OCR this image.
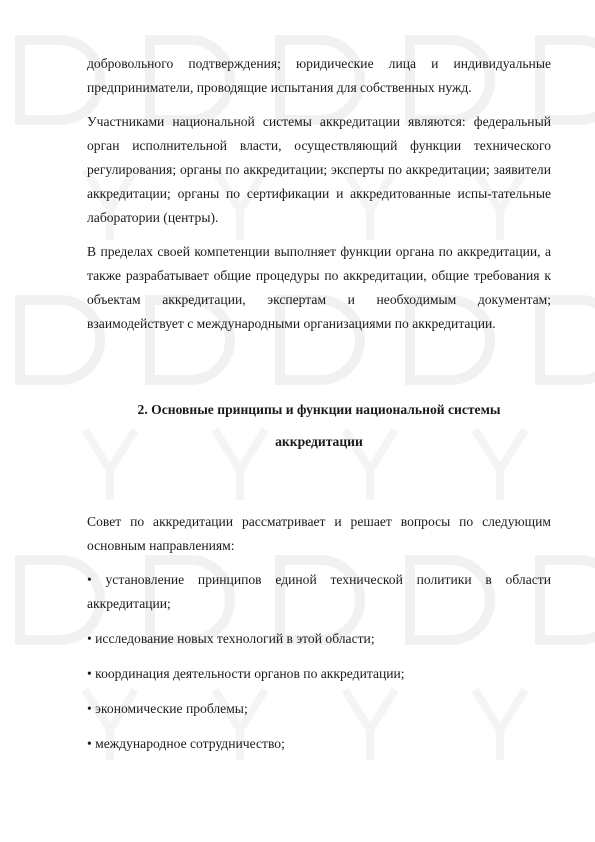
добровольного подтверждения; юридические лица и индивидуальные предприниматели, проводящие испытания для собственных нужд.

Участниками национальной системы аккредитации являются: федеральный орган исполнительной власти, осуществляющий функции технического регулирования; органы по аккредитации; эксперты по аккредитации; заявители аккредитации; органы по сертификации и аккредитованные испы-тательные лаборатории (центры).

В пределах своей компетенции выполняет функции органа по аккредитации, а также разрабатывает общие процедуры по аккредитации, общие требования к объектам аккредитации, экспертам и необходимым документам; взаимодействует с международными организациями по аккредитации.

2. Основные принципы и функции национальной системы аккредитации

Совет по аккредитации рассматривает и решает вопросы по следующим основным направлениям:

• установление принципов единой технической политики в области аккредитации;
• исследование новых технологий в этой области;
• координация деятельности органов по аккредитации;
• экономические проблемы;
• международное сотрудничество;
